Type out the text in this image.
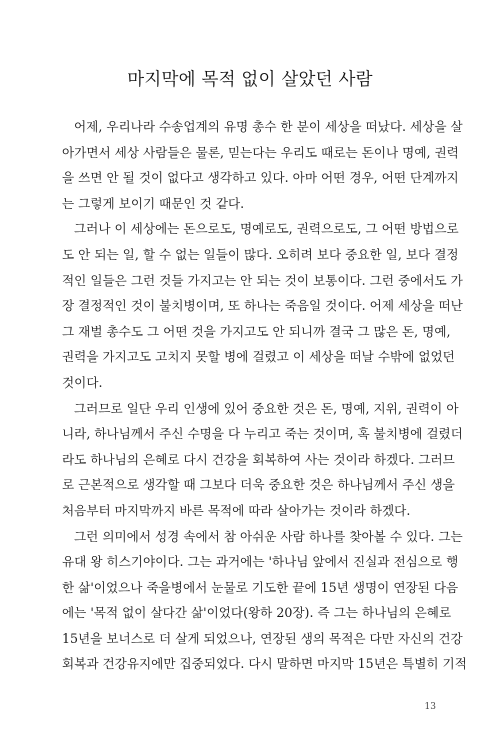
마지막에 목적 없이 살았던 사람
어제, 우리나라 수송업계의 유명 총수 한 분이 세상을 떠났다. 세상을 살
아가면서 세상 사람들은 물론, 믿는다는 우리도 때로는 돈이나 명예, 권력
을 쓰면 안 될 것이 없다고 생각하고 있다. 아마 어떤 경우, 어떤 단계까지
는 그렇게 보이기 때문인 것 같다.
그러나 이 세상에는 돈으로도, 명예로도, 권력으로도, 그 어떤 방법으로
도 안 되는 일, 할 수 없는 일들이 많다. 오히려 보다 중요한 일, 보다 결정
적인 일들은 그런 것들 가지고는 안 되는 것이 보통이다. 그런 중에서도 가
장 결정적인 것이 불치병이며, 또 하나는 죽음일 것이다. 어제 세상을 떠난
그 재벌 총수도 그 어떤 것을 가지고도 안 되니까 결국 그 많은 돈, 명예,
권력을 가지고도 고치지 못할 병에 걸렸고 이 세상을 떠날 수밖에 없었던
것이다.
그러므로 일단 우리 인생에 있어 중요한 것은 돈, 명예, 지위, 권력이 아
니라, 하나님께서 주신 수명을 다 누리고 죽는 것이며, 혹 불치병에 걸렸더
라도 하나님의 은혜로 다시 건강을 회복하여 사는 것이라 하겠다. 그러므
로 근본적으로 생각할 때 그보다 더욱 중요한 것은 하나님께서 주신 생을
처음부터 마지막까지 바른 목적에 따라 살아가는 것이라 하겠다.
그런 의미에서 성경 속에서 참 아쉬운 사람 하나를 찾아볼 수 있다. 그는
유대 왕 히스기야이다. 그는 과거에는 '하나님 앞에서 진실과 전심으로 행
한 삶'이었으나 죽을병에서 눈물로 기도한 끝에 15년 생명이 연장된 다음
에는 '목적 없이 살다간 삶'이었다(왕하 20장). 즉 그는 하나님의 은혜로
15년을 보너스로 더 살게 되었으나, 연장된 생의 목적은 다만 자신의 건강
회복과 건강유지에만 집중되었다. 다시 말하면 마지막 15년은 특별히 기적
13
